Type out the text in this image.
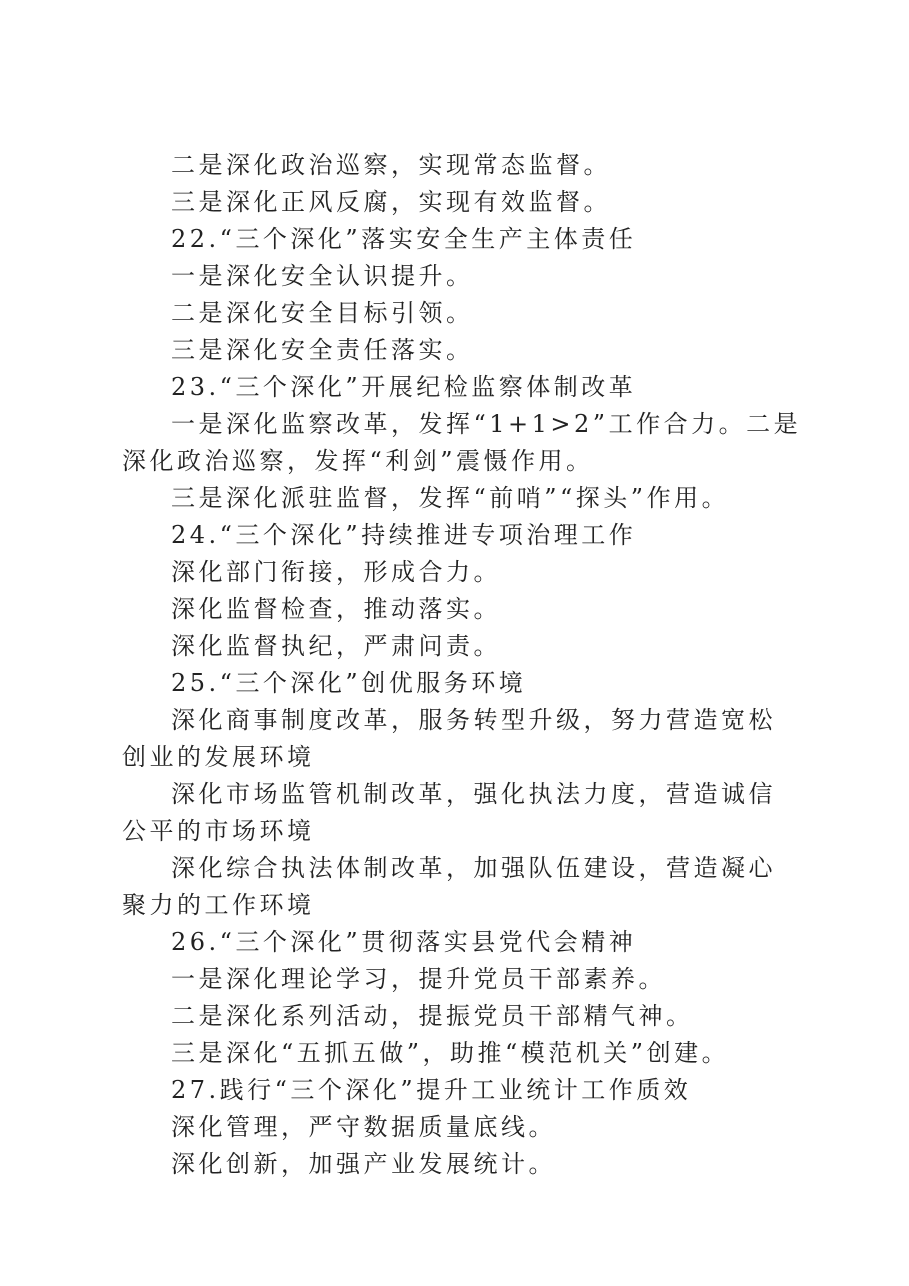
二是深化政治巡察，实现常态监督。

三是深化正风反腐，实现有效监督。

22.“三个深化”落实安全生产主体责任

一是深化安全认识提升。

二是深化安全目标引领。

三是深化安全责任落实。

23.“三个深化”开展纪检监察体制改革

一是深化监察改革，发挥“1+1>2”工作合力。二是深化政治巡察，发挥“利剑”震慑作用。

三是深化派驻监督，发挥“前哨”“探头”作用。

24.“三个深化”持续推进专项治理工作

深化部门衔接，形成合力。

深化监督检查，推动落实。

深化监督执纪，严肃问责。

25.“三个深化”创优服务环境

深化商事制度改革，服务转型升级，努力营造宽松创业的发展环境

深化市场监管机制改革，强化执法力度，营造诚信公平的市场环境

深化综合执法体制改革，加强队伍建设，营造凝心聚力的工作环境

26.“三个深化”贯彻落实县党代会精神

一是深化理论学习，提升党员干部素养。

二是深化系列活动，提振党员干部精气神。

三是深化“五抓五做”，助推“模范机关”创建。

27.践行“三个深化”提升工业统计工作质效

深化管理，严守数据质量底线。

深化创新，加强产业发展统计。
